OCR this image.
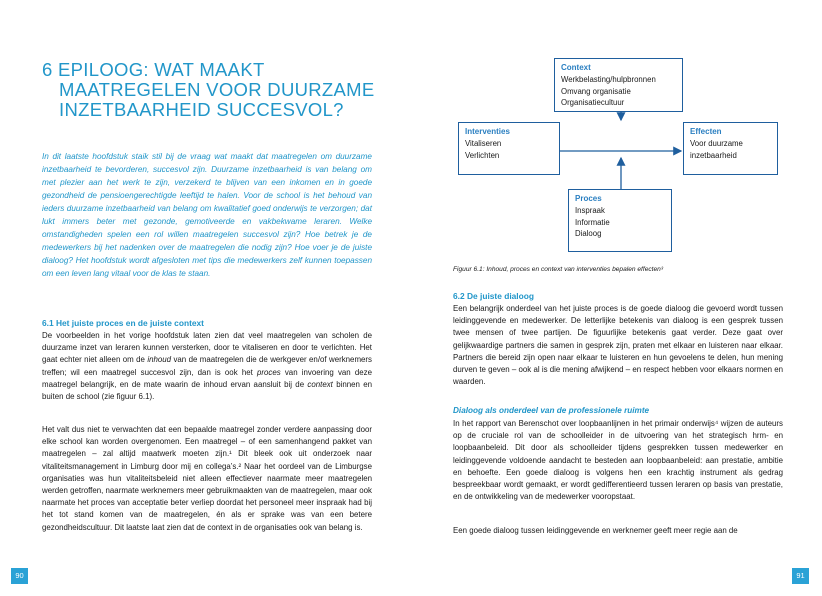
6 EPILOOG: WAT MAAKT
MAATREGELEN VOOR DUURZAME
INZETBAARHEID SUCCESVOL?

In dit laatste hoofdstuk staik stil bij de vraag wat maakt dat maatregelen om duurzame inzetbaarheid te bevorderen, succesvol zijn. Duurzame inzetbaarheid is van belang om met plezier aan het werk te zijn, verzekerd te blijven van een inkomen en in goede gezondheid de pensioengerechtigde leeftijd te halen. Voor de school is het behoud van ieders duurzame inzetbaarheid van belang om kwalitatief goed onderwijs te verzorgen; dat lukt immers beter met gezonde, gemotiveerde en vakbekwame leraren. Welke omstandigheden spelen een rol willen maatregelen succesvol zijn? Hoe betrek je de medewerkers bij het nadenken over de maatregelen die nodig zijn? Hoe voer je de juiste dialoog? Het hoofdstuk wordt afgesloten met tips die medewerkers zelf kunnen toepassen om een leven lang vitaal voor de klas te staan.

6.1 Het juiste proces en de juiste context

De voorbeelden in het vorige hoofdstuk laten zien dat veel maatregelen van scholen de duurzame inzet van leraren kunnen versterken, door te vitaliseren en door te verlichten. Het gaat echter niet alleen om de inhoud van de maatregelen die de werkgever en/of werknemers treffen; wil een maatregel succesvol zijn, dan is ook het proces van invoering van deze maatregel belangrijk, en de mate waarin de inhoud ervan aansluit bij de context binnen en buiten de school (zie figuur 6.1).

Het valt dus niet te verwachten dat een bepaalde maatregel zonder verdere aanpassing door elke school kan worden overgenomen. Een maatregel – of een samenhangend pakket van maatregelen – zal altijd maatwerk moeten zijn.¹ Dit bleek ook uit onderzoek naar vitaliteitsmanagement in Limburg door mij en collega’s.² Naar het oordeel van de Limburgse organisaties was hun vitaliteitsbeleid niet alleen effectiever naarmate meer maatregelen werden getroffen, naarmate werknemers meer gebruikmaakten van de maatregelen, maar ook naarmate het proces van acceptatie beter verliep doordat het personeel meer inspraak had bij het tot stand komen van de maatregelen, én als er sprake was van een betere gezondheidscultuur. Dit laatste laat zien dat de context in de organisaties ook van belang is.

90
Context
Werkbelasting/hulpbronnen
Omvang organisatie
Organisatiecultuur
Interventies
Vitaliseren
Verlichten
Effecten
Voor duurzame
inzetbaarheid
Proces
Inspraak
Informatie
Dialoog
Figuur 6.1: Inhoud, proces en context van interventies bepalen effecten³
6.2 De juiste dialoog

Een belangrijk onderdeel van het juiste proces is de goede dialoog die gevoerd wordt tussen leidinggevende en medewerker. De letterlijke betekenis van dialoog is een gesprek tussen twee mensen of twee partijen. De figuurlijke betekenis gaat verder. Deze gaat over gelijkwaardige partners die samen in gesprek zijn, praten met elkaar en luisteren naar elkaar. Partners die bereid zijn open naar elkaar te luisteren en hun gevoelens te delen, hun mening durven te geven – ook al is die mening afwijkend – en respect hebben voor elkaars normen en waarden.

Dialoog als onderdeel van de professionele ruimte

In het rapport van Berenschot over loopbaanlijnen in het primair onderwijs⁴ wijzen de auteurs op de cruciale rol van de schoolleider in de uitvoering van het strategisch hrm- en loopbaanbeleid. Dit door als schoolleider tijdens gesprekken tussen medewerker en leidinggevende voldoende aandacht te besteden aan loopbaanbeleid: aan prestatie, ambitie en behoefte. Een goede dialoog is volgens hen een krachtig instrument als gedrag bespreekbaar wordt gemaakt, er wordt gedifferentieerd tussen leraren op basis van prestatie, en de ontwikkeling van de medewerker vooropstaat.

Een goede dialoog tussen leidinggevende en werknemer geeft meer regie aan de

91
